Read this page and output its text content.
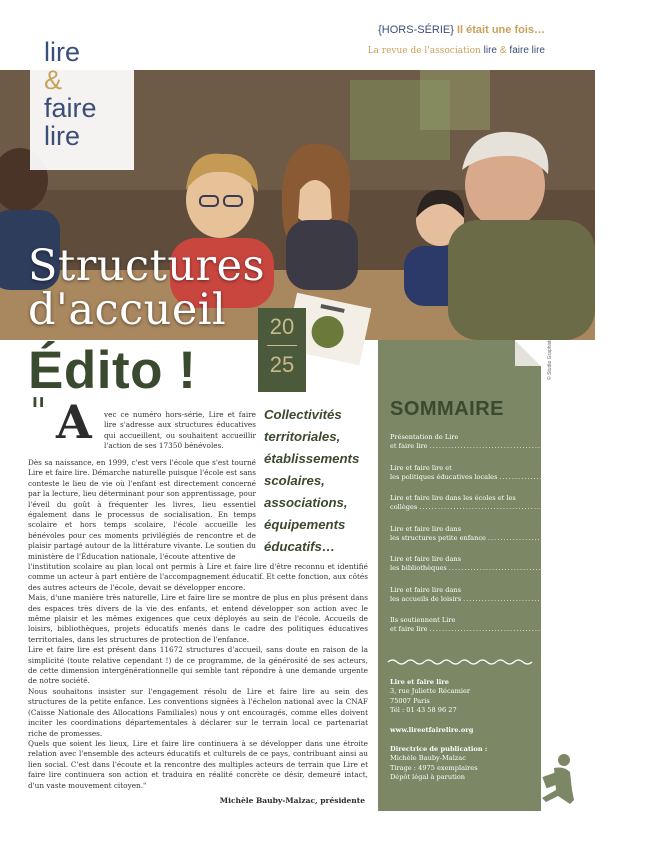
lire
&
faire
lire
{HORS-SÉRIE} Il était une fois…
La revue de l'association lire & faire lire
Structures
d'accueil	20
25
Édito !	© Studio Graphiste
" A vec ce numéro hors-série, Lire et faire lire s'adresse aux structures éducatives qui accueillent, ou souhaitent accueillir l'action de ses 17350 bénévoles.
Dès sa naissance, en 1999, c'est vers l'école que s'est tourné Lire et faire lire. Démarche naturelle puisque l'école est sans conteste le lieu de vie où l'enfant est directement concerné par la lecture, lieu déterminant pour son apprentissage, pour l'éveil du goût à fréquenter les livres, lieu essentiel également dans le processus de socialisation. En temps scolaire et hors temps scolaire, l'école accueille les bénévoles pour ces moments privilégiés de rencontre et de plaisir partagé autour de la littérature vivante. Le soutien du ministère de l'Éducation nationale, l'écoute attentive de

l'institution scolaire au plan local ont permis à Lire et faire lire d'être reconnu et identifié comme un acteur à part entière de l'accompagnement éducatif. Et cette fonction, aux côtés des autres acteurs de l'école, devait se développer encore.

Mais, d'une manière très naturelle, Lire et faire lire se montre de plus en plus présent dans des espaces très divers de la vie des enfants, et entend développer son action avec le même plaisir et les mêmes exigences que ceux déployés au sein de l'école. Accueils de loisirs, bibliothèques, projets éducatifs menés dans le cadre des politiques éducatives territoriales, dans les structures de protection de l'enfance.

Lire et faire lire est présent dans 11672 structures d'accueil, sans doute en raison de la simplicité (toute relative cependant !) de ce programme, de la générosité de ses acteurs, de cette dimension intergénérationnelle qui semble tant répondre à une demande urgente de notre société.

Nous souhaitons insister sur l'engagement résolu de Lire et faire lire au sein des structures de la petite enfance. Les conventions signées à l'échelon national avec la CNAF (Caisse Nationale des Allocations Familiales) nous y ont encouragés, comme elles doivent inciter les coordinations départementales à déclarer sur le terrain local ce partenariat riche de promesses.

Quels que soient les lieux, Lire et faire lire continuera à se développer dans une étroite relation avec l'ensemble des acteurs éducatifs et culturels de ce pays, contribuant ainsi au lien social. C'est dans l'écoute et la rencontre des multiples acteurs de terrain que Lire et faire lire continuera son action et traduira en réalité concrète ce désir, demeuré intact, d'un vaste mouvement citoyen."

Michèle Bauby-Malzac, présidente
Collectivités
territoriales,
établissements
scolaires,
associations,
équipements
éducatifs…
SOMMAIRE
Présentation de Lire
et faire lire ............................................. 2
Lire et faire lire et
les politiques éducatives locales ............................................. 3
Lire et faire lire dans les écoles et les
collèges ............................................. 4
Lire et faire lire dans
les structures petite enfance ............................................. 5
Lire et faire lire dans
les bibliothèques ............................................. 6
Lire et faire lire dans
les accueils de loisirs ............................................. 7
Ils soutiennent Lire
et faire lire ............................................. 8
Lire et faire lire
3, rue Juliette Récamier
75007 Paris
Tél : 01 43 58 96 27
www.lireetfairelire.org
Directrice de publication :
Michèle Bauby-Malzac
Tirage : 4975 exemplaires
Dépôt légal à parution
